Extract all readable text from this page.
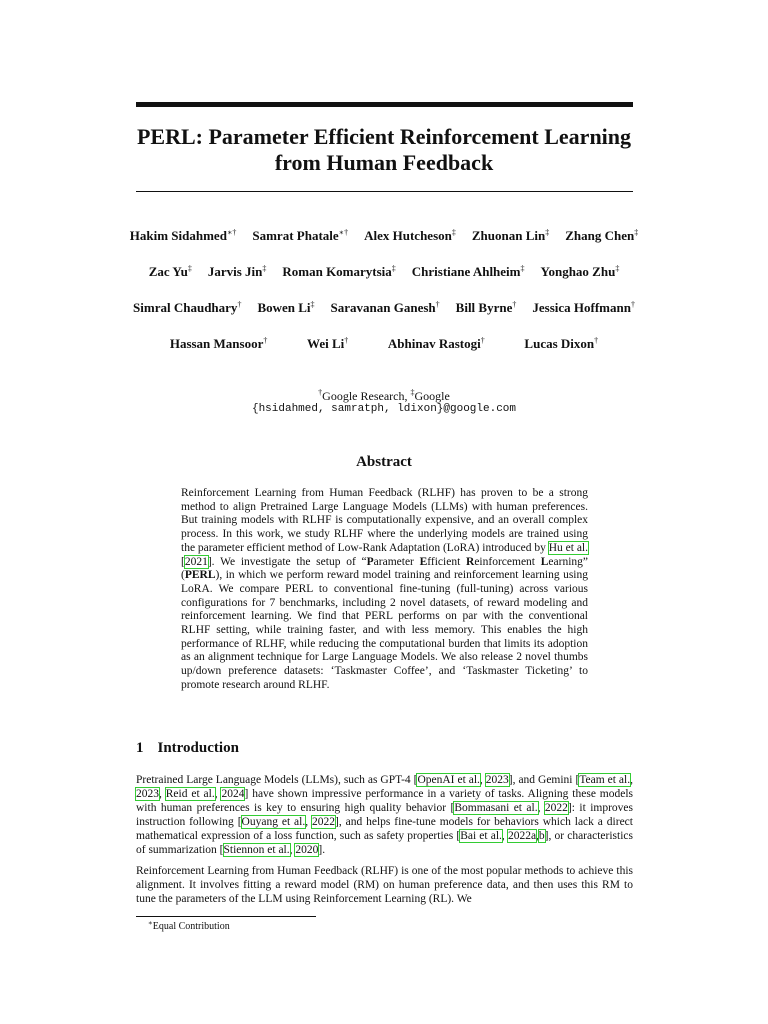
PERL: Parameter Efficient Reinforcement Learning
from Human Feedback
Hakim Sidahmed∗† Samrat Phatale∗† Alex Hutcheson‡ Zhuonan Lin‡ Zhang Chen‡
Zac Yu‡ Jarvis Jin‡ Roman Komarytsia‡ Christiane Ahlheim‡ Yonghao Zhu‡
Simral Chaudhary† Bowen Li‡ Saravanan Ganesh† Bill Byrne† Jessica Hoffmann†
Hassan Mansoor†	Wei Li†	Abhinav Rastogi†	Lucas Dixon†
†Google Research, ‡Google
{hsidahmed, samratph, ldixon}@google.com
Abstract
Reinforcement Learning from Human Feedback (RLHF) has proven to be a strong method to align Pretrained Large Language Models (LLMs) with human preferences. But training models with RLHF is computationally expensive, and an overall complex process. In this work, we study RLHF where the underlying models are trained using the parameter efficient method of Low-Rank Adaptation (LoRA) introduced by Hu et al. [2021]. We investigate the setup of “Parameter Efficient Reinforcement Learning” (PERL), in which we perform reward model training and reinforcement learning using LoRA. We compare PERL to conventional fine-tuning (full-tuning) across various configurations for 7 benchmarks, including 2 novel datasets, of reward modeling and reinforcement learning. We find that PERL performs on par with the conventional RLHF setting, while training faster, and with less memory. This enables the high performance of RLHF, while reducing the computational burden that limits its adoption as an alignment technique for Large Language Models. We also release 2 novel thumbs up/down preference datasets: ‘Taskmaster Coffee’, and ‘Taskmaster Ticketing’ to promote research around RLHF.
1 Introduction
Pretrained Large Language Models (LLMs), such as GPT-4 [OpenAI et al., 2023], and Gemini [Team et al., 2023, Reid et al., 2024] have shown impressive performance in a variety of tasks. Aligning these models with human preferences is key to ensuring high quality behavior [Bommasani et al., 2022]: it improves instruction following [Ouyang et al., 2022], and helps fine-tune models for behaviors which lack a direct mathematical expression of a loss function, such as safety properties [Bai et al., 2022a,b], or characteristics of summarization [Stiennon et al., 2020].
Reinforcement Learning from Human Feedback (RLHF) is one of the most popular methods to achieve this alignment. It involves fitting a reward model (RM) on human preference data, and then uses this RM to tune the parameters of the LLM using Reinforcement Learning (RL). We
∗Equal Contribution
